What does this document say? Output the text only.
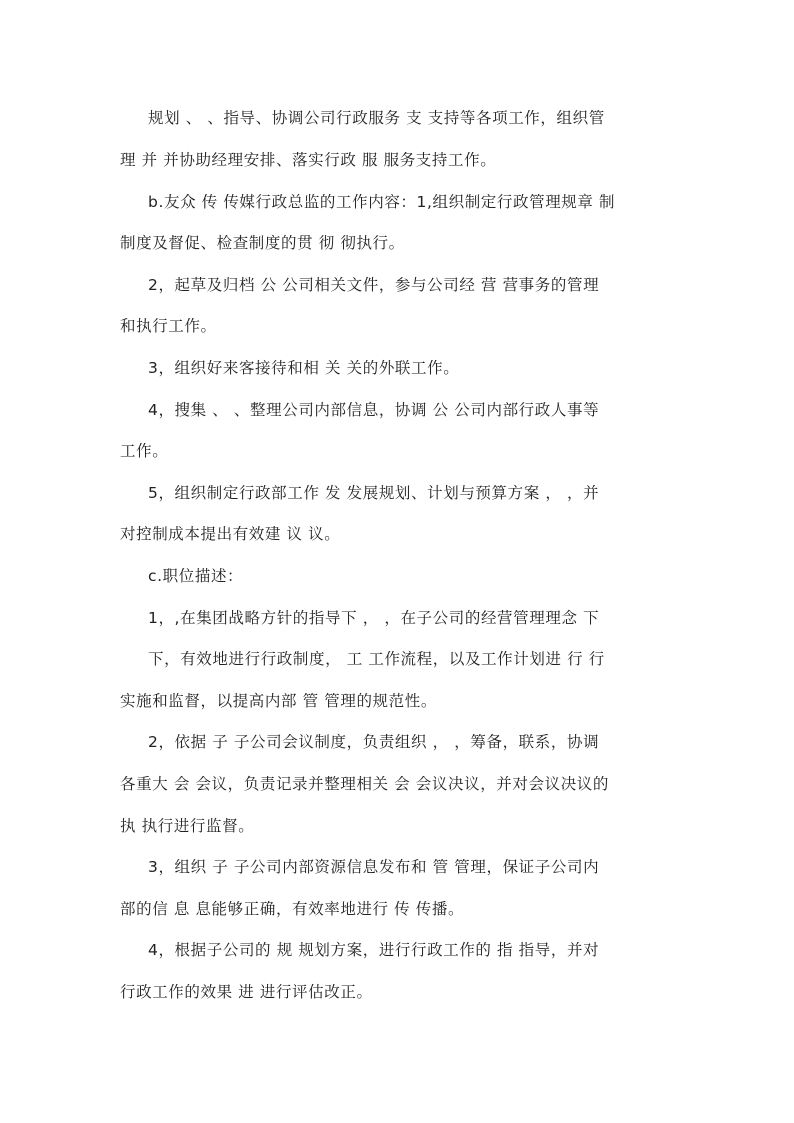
规划 、 、指导、协调公司行政服务 支 支持等各项工作，组织管
理 并 并协助经理安排、落实行政 服 服务支持工作。
b.友众 传 传媒行政总监的工作内容：1,组织制定行政管理规章 制
制度及督促、检查制度的贯 彻 彻执行。
2，起草及归档 公 公司相关文件，参与公司经 营 营事务的管理
和执行工作。
3，组织好来客接待和相 关 关的外联工作。
4，搜集 、 、整理公司内部信息，协调 公 公司内部行政人事等
工作。
5，组织制定行政部工作 发 发展规划、计划与预算方案 ， ，并
对控制成本提出有效建 议 议。
c.职位描述：
1，,在集团战略方针的指导下 ， ，在子公司的经营管理理念 下
下，有效地进行行政制度， 工 工作流程，以及工作计划进 行 行
实施和监督，以提高内部 管 管理的规范性。
2，依据 子 子公司会议制度，负责组织 ， ，筹备，联系，协调
各重大 会 会议，负责记录并整理相关 会 会议决议，并对会议决议的
执 执行进行监督。
3，组织 子 子公司内部资源信息发布和 管 管理，保证子公司内
部的信 息 息能够正确，有效率地进行 传 传播。
4，根据子公司的 规 规划方案，进行行政工作的 指 指导，并对
行政工作的效果 进 进行评估改正。
